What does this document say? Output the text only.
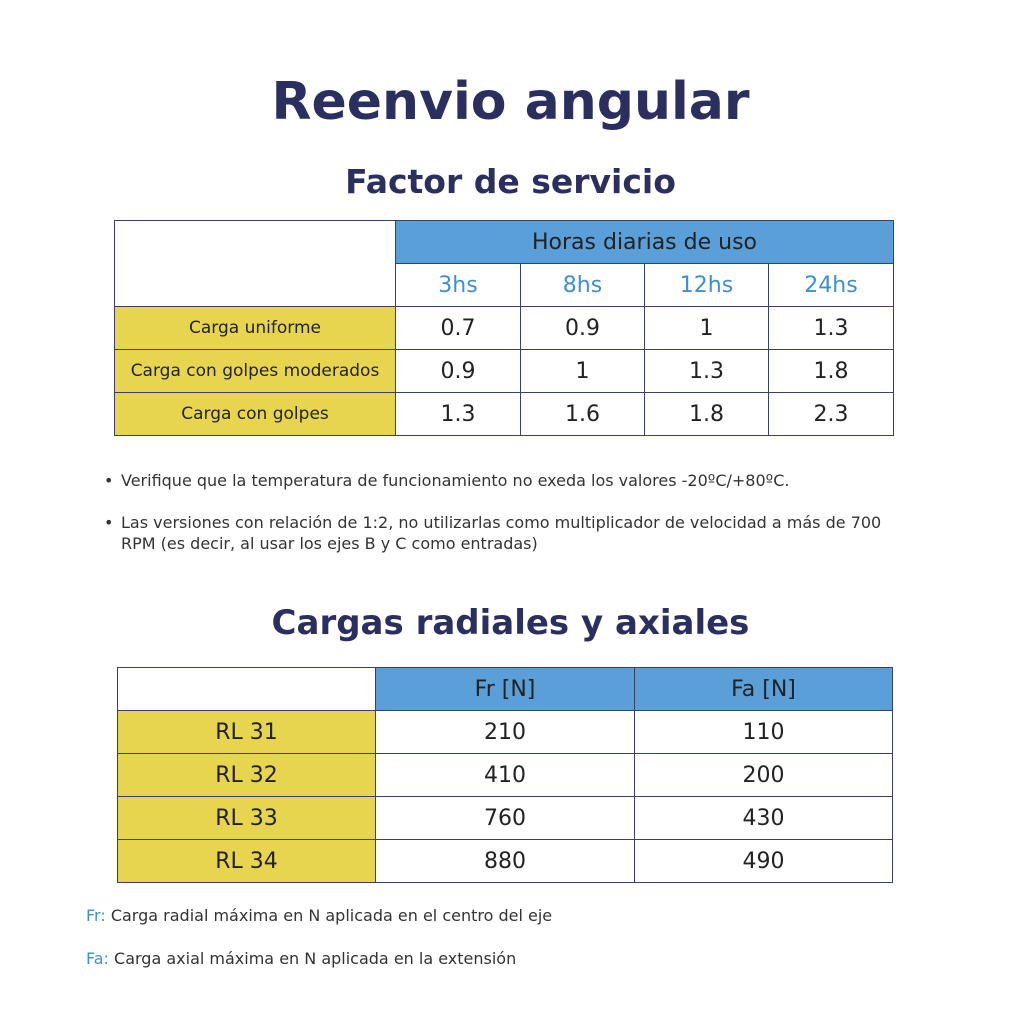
Reenvio angular
Factor de servicio
	Horas diarias de uso			
	3hs	8hs	12hs	24hs
Carga uniforme	0.7	0.9	1	1.3
Carga con golpes moderados	0.9	1	1.3	1.8
Carga con golpes	1.3	1.6	1.8	2.3
• Verifique que la temperatura de funcionamiento no exeda los valores -20ºC/+80ºC.
• Las versiones con relación de 1:2, no utilizarlas como multiplicador de velocidad a más de 700 RPM (es decir, al usar los ejes B y C como entradas)
Cargas radiales y axiales
	Fr [N]	Fa [N]
RL 31	210	110
RL 32	410	200
RL 33	760	430
RL 34	880	490
Fr: Carga radial máxima en N aplicada en el centro del eje
Fa: Carga axial máxima en N aplicada en la extensión
